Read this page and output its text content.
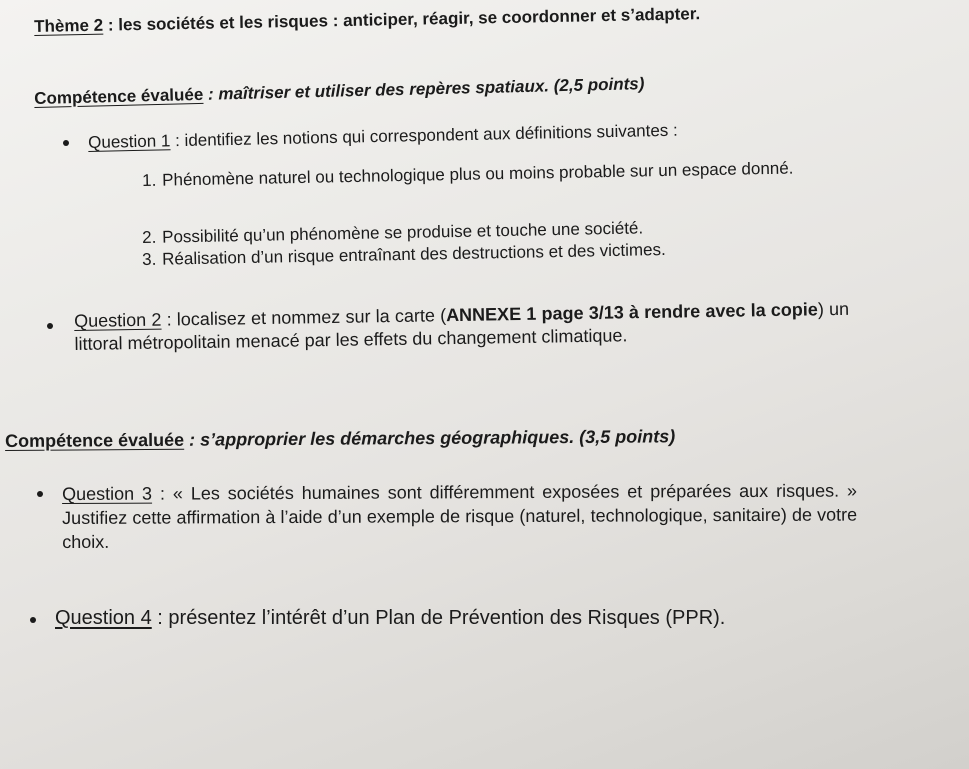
Thème 2 : les sociétés et les risques : anticiper, réagir, se coordonner et s’adapter.
Compétence évaluée : maîtriser et utiliser des repères spatiaux. (2,5 points)
Question 1 : identifiez les notions qui correspondent aux définitions suivantes :
1. Phénomène naturel ou technologique plus ou moins probable sur un espace donné.
2. Possibilité qu’un phénomène se produise et touche une société.
3. Réalisation d’un risque entraînant des destructions et des victimes.
Question 2 : localisez et nommez sur la carte (ANNEXE 1 page 3/13 à rendre avec la copie) un littoral métropolitain menacé par les effets du changement climatique.
Compétence évaluée : s’approprier les démarches géographiques. (3,5 points)
Question 3 : « Les sociétés humaines sont différemment exposées et préparées aux risques. » Justifiez cette affirmation à l’aide d’un exemple de risque (naturel, technologique, sanitaire) de votre choix.
Question 4 : présentez l’intérêt d’un Plan de Prévention des Risques (PPR).
